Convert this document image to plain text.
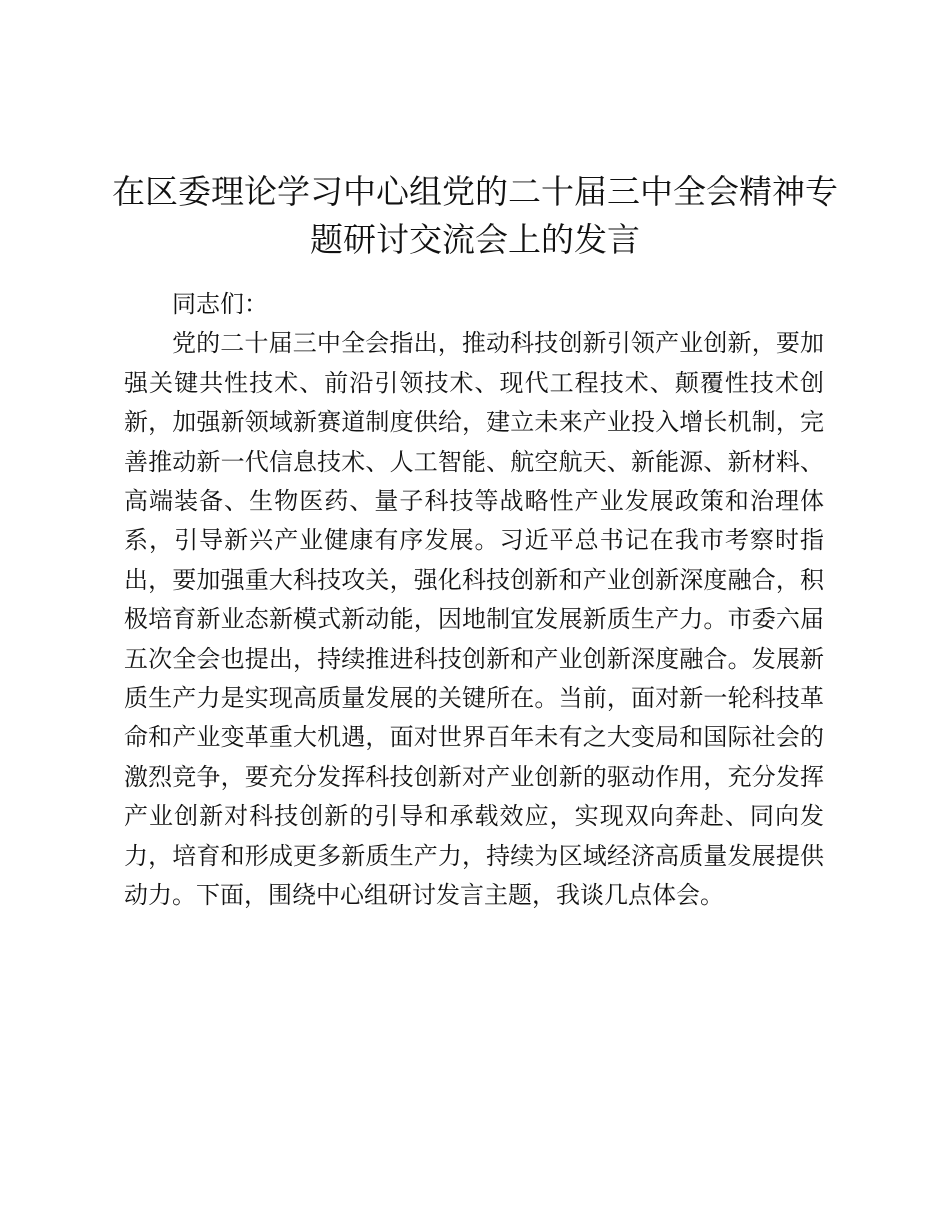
在区委理论学习中心组党的二十届三中全会精神专题研讨交流会上的发言

同志们：

党的二十届三中全会指出，推动科技创新引领产业创新，要加强关键共性技术、前沿引领技术、现代工程技术、颠覆性技术创新，加强新领域新赛道制度供给，建立未来产业投入增长机制，完善推动新一代信息技术、人工智能、航空航天、新能源、新材料、高端装备、生物医药、量子科技等战略性产业发展政策和治理体系，引导新兴产业健康有序发展。习近平总书记在我市考察时指出，要加强重大科技攻关，强化科技创新和产业创新深度融合，积极培育新业态新模式新动能，因地制宜发展新质生产力。市委六届五次全会也提出，持续推进科技创新和产业创新深度融合。发展新质生产力是实现高质量发展的关键所在。当前，面对新一轮科技革命和产业变革重大机遇，面对世界百年未有之大变局和国际社会的激烈竞争，要充分发挥科技创新对产业创新的驱动作用，充分发挥产业创新对科技创新的引导和承载效应，实现双向奔赴、同向发力，培育和形成更多新质生产力，持续为区域经济高质量发展提供动力。下面，围绕中心组研讨发言主题，我谈几点体会。
